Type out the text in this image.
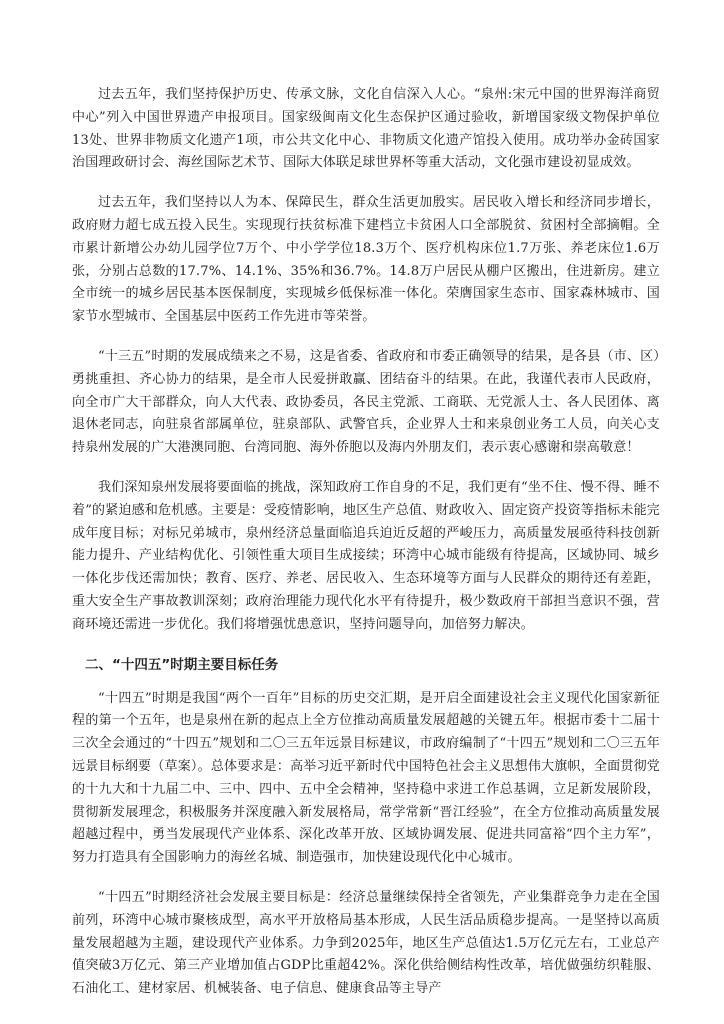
过去五年，我们坚持保护历史、传承文脉，文化自信深入人心。“泉州:宋元中国的世界海洋商贸中心”列入中国世界遗产申报项目。国家级闽南文化生态保护区通过验收，新增国家级文物保护单位13处、世界非物质文化遗产1项，市公共文化中心、非物质文化遗产馆投入使用。成功举办金砖国家治国理政研讨会、海丝国际艺术节、国际大体联足球世界杯等重大活动，文化强市建设初显成效。

过去五年，我们坚持以人为本、保障民生，群众生活更加殷实。居民收入增长和经济同步增长，政府财力超七成五投入民生。实现现行扶贫标准下建档立卡贫困人口全部脱贫、贫困村全部摘帽。全市累计新增公办幼儿园学位7万个、中小学学位18.3万个、医疗机构床位1.7万张、养老床位1.6万张，分别占总数的17.7%、14.1%、35%和36.7%。14.8万户居民从棚户区搬出，住进新房。建立全市统一的城乡居民基本医保制度，实现城乡低保标准一体化。荣膺国家生态市、国家森林城市、国家节水型城市、全国基层中医药工作先进市等荣誉。

“十三五”时期的发展成绩来之不易，这是省委、省政府和市委正确领导的结果，是各县（市、区）勇挑重担、齐心协力的结果，是全市人民爱拼敢赢、团结奋斗的结果。在此，我谨代表市人民政府，向全市广大干部群众，向人大代表、政协委员，各民主党派、工商联、无党派人士、各人民团体、离退休老同志，向驻泉省部属单位，驻泉部队、武警官兵，企业界人士和来泉创业务工人员，向关心支持泉州发展的广大港澳同胞、台湾同胞、海外侨胞以及海内外朋友们，表示衷心感谢和崇高敬意！

我们深知泉州发展将要面临的挑战，深知政府工作自身的不足，我们更有“坐不住、慢不得、睡不着”的紧迫感和危机感。主要是：受疫情影响，地区生产总值、财政收入、固定资产投资等指标未能完成年度目标；对标兄弟城市，泉州经济总量面临追兵迫近反超的严峻压力，高质量发展亟待科技创新能力提升、产业结构优化、引领性重大项目生成接续；环湾中心城市能级有待提高，区域协同、城乡一体化步伐还需加快；教育、医疗、养老、居民收入、生态环境等方面与人民群众的期待还有差距，重大安全生产事故教训深刻；政府治理能力现代化水平有待提升，极少数政府干部担当意识不强，营商环境还需进一步优化。我们将增强忧患意识，坚持问题导向，加倍努力解决。

二、“十四五”时期主要目标任务

“十四五”时期是我国“两个一百年”目标的历史交汇期，是开启全面建设社会主义现代化国家新征程的第一个五年，也是泉州在新的起点上全方位推动高质量发展超越的关键五年。根据市委十二届十三次全会通过的“十四五”规划和二〇三五年远景目标建议，市政府编制了“十四五”规划和二〇三五年远景目标纲要（草案）。总体要求是：高举习近平新时代中国特色社会主义思想伟大旗帜，全面贯彻党的十九大和十九届二中、三中、四中、五中全会精神，坚持稳中求进工作总基调，立足新发展阶段，贯彻新发展理念，积极服务并深度融入新发展格局，常学常新“晋江经验”，在全方位推动高质量发展超越过程中，勇当发展现代产业体系、深化改革开放、区域协调发展、促进共同富裕“四个主力军”，努力打造具有全国影响力的海丝名城、制造强市，加快建设现代化中心城市。

“十四五”时期经济社会发展主要目标是：经济总量继续保持全省领先，产业集群竞争力走在全国前列，环湾中心城市聚核成型，高水平开放格局基本形成，人民生活品质稳步提高。一是坚持以高质量发展超越为主题，建设现代产业体系。力争到2025年，地区生产总值达1.5万亿元左右，工业总产值突破3万亿元、第三产业增加值占GDP比重超42%。深化供给侧结构性改革，培优做强纺织鞋服、石油化工、建材家居、机械装备、电子信息、健康食品等主导产
